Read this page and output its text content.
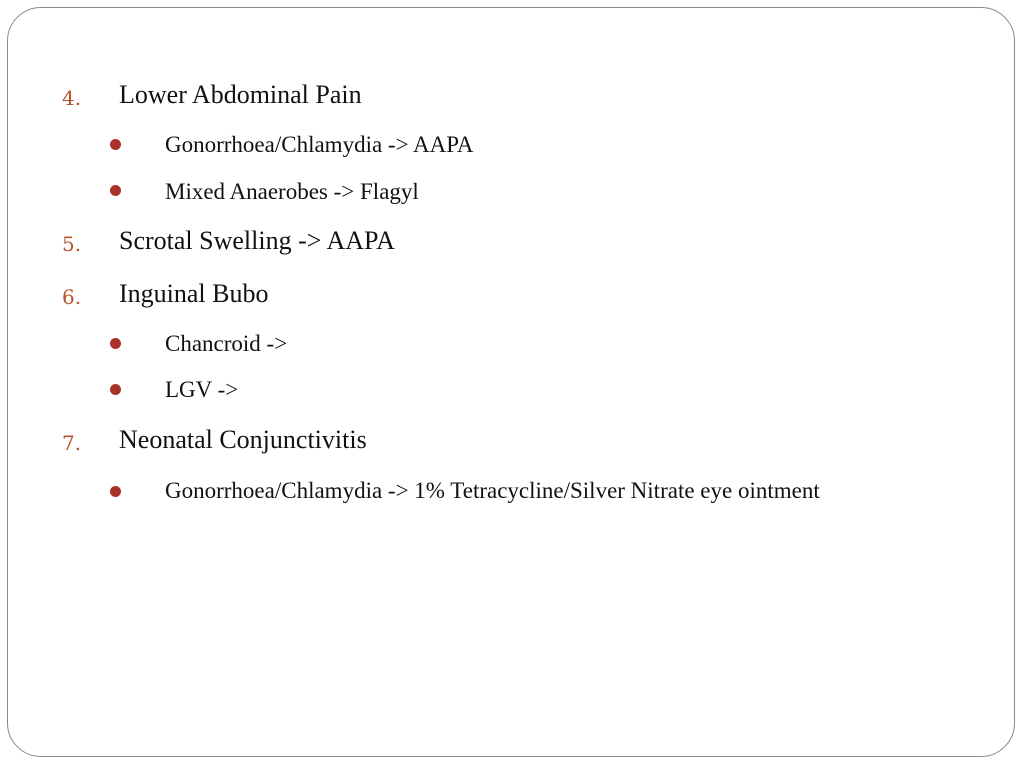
4. Lower Abdominal Pain
Gonorrhoea/Chlamydia -> AAPA
Mixed Anaerobes -> Flagyl
5. Scrotal Swelling -> AAPA
6. Inguinal Bubo
Chancroid ->
LGV ->
7. Neonatal Conjunctivitis
Gonorrhoea/Chlamydia -> 1% Tetracycline/Silver Nitrate eye ointment
